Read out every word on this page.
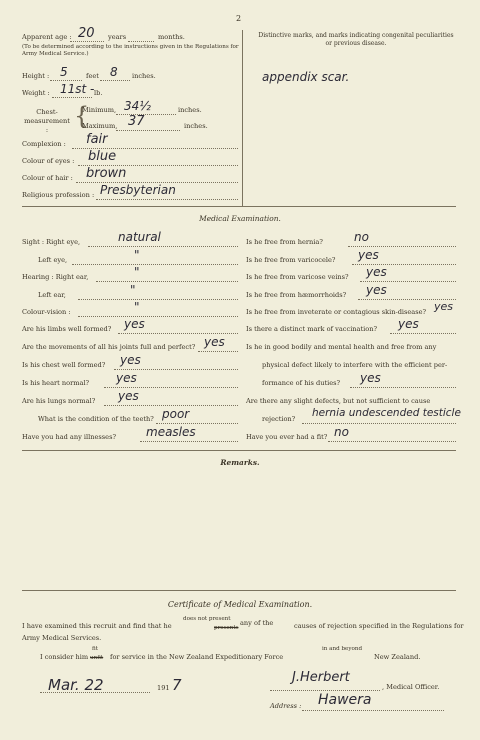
2
Apparent age : 20 years	months.
(To be determined according to the instructions given in the Regulations for Army Medical Service.)
Height : 5	feet 8 inches.
Weight : 11st - lb.
Chest-measurement :	{
Minimum, 34½	inches.
Maximum, 37	inches.
Complexion : fair
Colour of eyes : blue
Colour of hair : brown
Religious profession : Presbyterian
Distinctive marks, and marks indicating congenital peculiarities or previous disease.
appendix scar.
Medical Examination.
Sight : Right eye,	natural
Left eye,	"
Hearing : Right ear,	"
Left ear,	"
Colour-vision :	"
Are his limbs well formed? yes
Are the movements of all his joints full and perfect? yes
Is his chest well formed? yes
Is his heart normal? yes
Are his lungs normal? yes
What is the condition of the teeth? poor
Have you had any illnesses?	measles
Is he free from hernia?	no
Is he free from varicocele? yes
Is he free from varicose veins? yes
Is he free from hæmorrhoids? yes
Is he free from inveterate or contagious skin-disease? yes
Is there a distinct mark of vaccination? yes
Is he in good bodily and mental health and free from any
physical defect likely to interfere with the efficient per-
formance of his duties? yes
Are there any slight defects, but not sufficient to cause
rejection? hernia undescended testicle
Have you ever had a fit? no
Remarks.
Certificate of Medical Examination.
I have examined this recruit and find that he
does not present
presents
any of the	causes of rejection specified in the Regulations for
Army Medical Services.
I consider him
fit
unfit for service in the New Zealand Expeditionary Force
in and beyond
New Zealand.
Mar. 22	191 7	J.Herbert
, Medical Officer.
Address : Hawera
